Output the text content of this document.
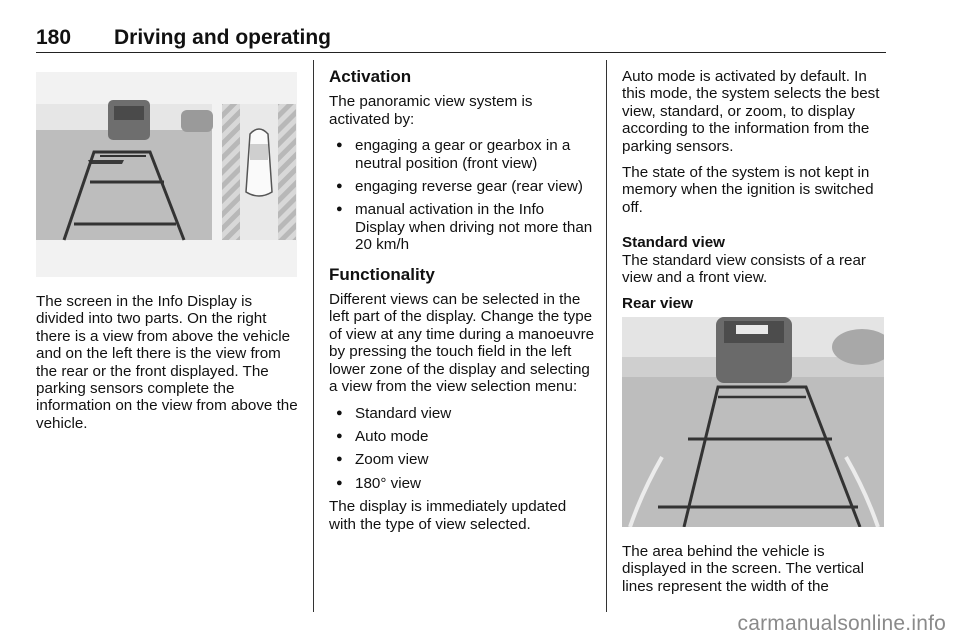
180 Driving and operating

The screen in the Info Display is divided into two parts. On the right there is a view from above the vehicle and on the left there is the view from the rear or the front displayed. The parking sensors complete the information on the view from above the vehicle.

Activation

The panoramic view system is activated by:

● engaging a gear or gearbox in a neutral position (front view)
● engaging reverse gear (rear view)
● manual activation in the Info Display when driving not more than 20 km/h
Functionality

Different views can be selected in the left part of the display. Change the type of view at any time during a manoeuvre by pressing the touch field in the left lower zone of the display and selecting a view from the view selection menu:

● Standard view
● Auto mode
● Zoom view
● 180° view

The display is immediately updated with the type of view selected.

Auto mode is activated by default. In this mode, the system selects the best view, standard, or zoom, to display according to the information from the parking sensors.

The state of the system is not kept in memory when the ignition is switched off.

Standard view

The standard view consists of a rear view and a front view.

Rear view

The area behind the vehicle is displayed in the screen. The vertical lines represent the width of the

carmanualsonline.info
